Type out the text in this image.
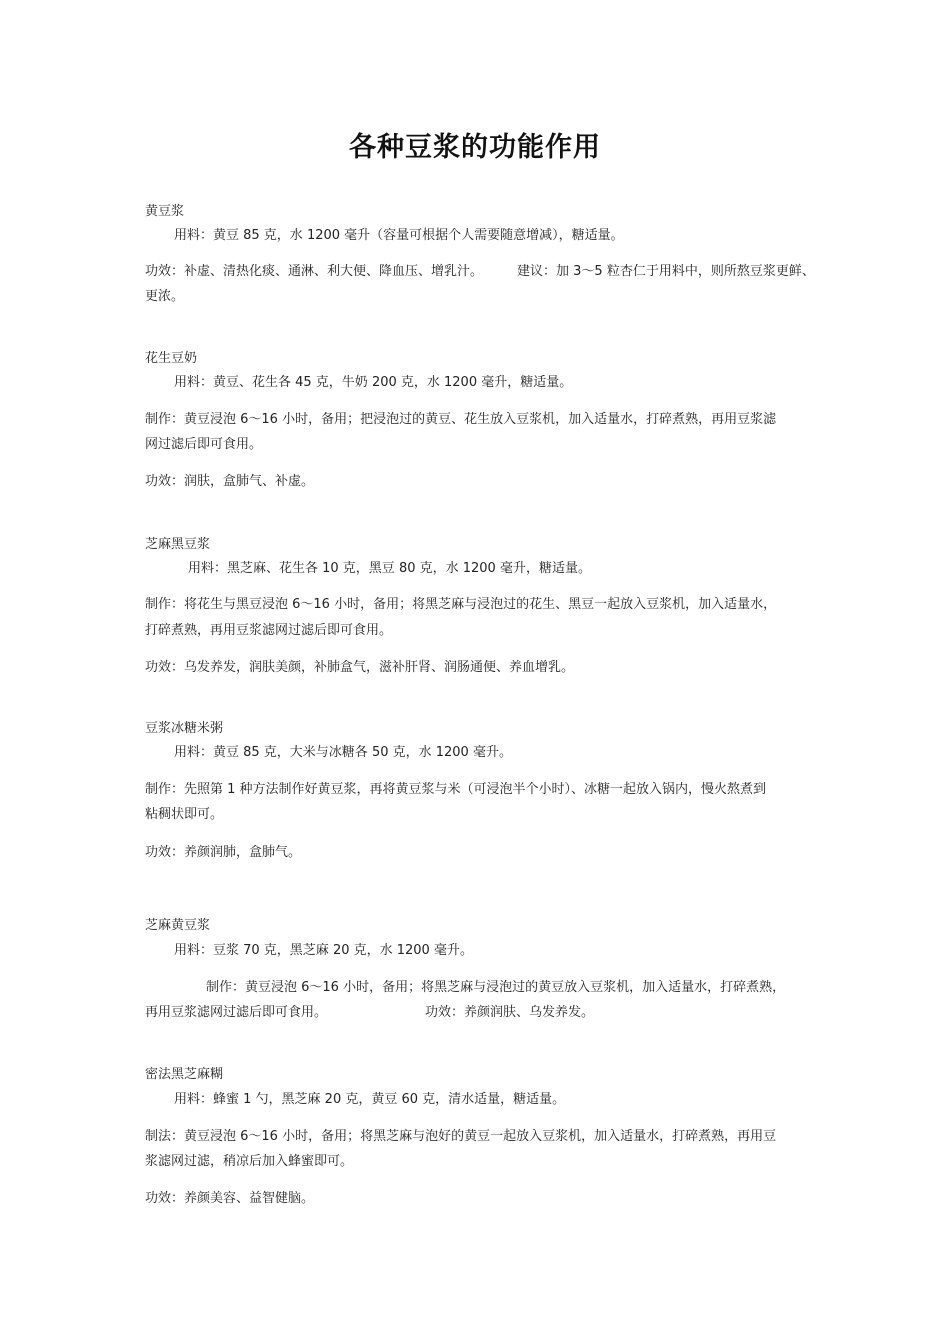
各种豆浆的功能作用
黄豆浆
用料：黄豆 85 克，水 1200 毫升（容量可根据个人需要随意增减），糖适量。
功效：补虚、清热化痰、通淋、利大便、降血压、增乳汁。	建议：加 3～5 粒杏仁于用料中，则所熬豆浆更鲜、
更浓。
花生豆奶
用料：黄豆、花生各 45 克，牛奶 200 克，水 1200 毫升，糖适量。
制作：黄豆浸泡 6～16 小时，备用；把浸泡过的黄豆、花生放入豆浆机，加入适量水，打碎煮熟，再用豆浆滤
网过滤后即可食用。
功效：润肤，盒肺气、补虚。
芝麻黑豆浆
用料：黑芝麻、花生各 10 克，黑豆 80 克，水 1200 毫升，糖适量。
制作：将花生与黑豆浸泡 6～16 小时，备用；将黑芝麻与浸泡过的花生、黑豆一起放入豆浆机，加入适量水，
打碎煮熟，再用豆浆滤网过滤后即可食用。
功效：乌发养发，润肤美颜，补肺盒气，滋补肝肾、润肠通便、养血增乳。
豆浆冰糖米粥
用料：黄豆 85 克，大米与冰糖各 50 克，水 1200 毫升。
制作：先照第 1 种方法制作好黄豆浆，再将黄豆浆与米（可浸泡半个小时）、冰糖一起放入锅内，慢火熬煮到
粘稠状即可。
功效：养颜润肺，盒肺气。
芝麻黄豆浆
用料：豆浆 70 克，黑芝麻 20 克，水 1200 毫升。
制作：黄豆浸泡 6～16 小时，备用；将黑芝麻与浸泡过的黄豆放入豆浆机，加入适量水，打碎煮熟，
再用豆浆滤网过滤后即可食用。	功效：养颜润肤、乌发养发。
密法黑芝麻糊
用料：蜂蜜 1 勺，黑芝麻 20 克，黄豆 60 克，清水适量，糖适量。
制法：黄豆浸泡 6～16 小时，备用；将黑芝麻与泡好的黄豆一起放入豆浆机，加入适量水，打碎煮熟，再用豆
浆滤网过滤，稍凉后加入蜂蜜即可。
功效：养颜美容、益智健脑。
